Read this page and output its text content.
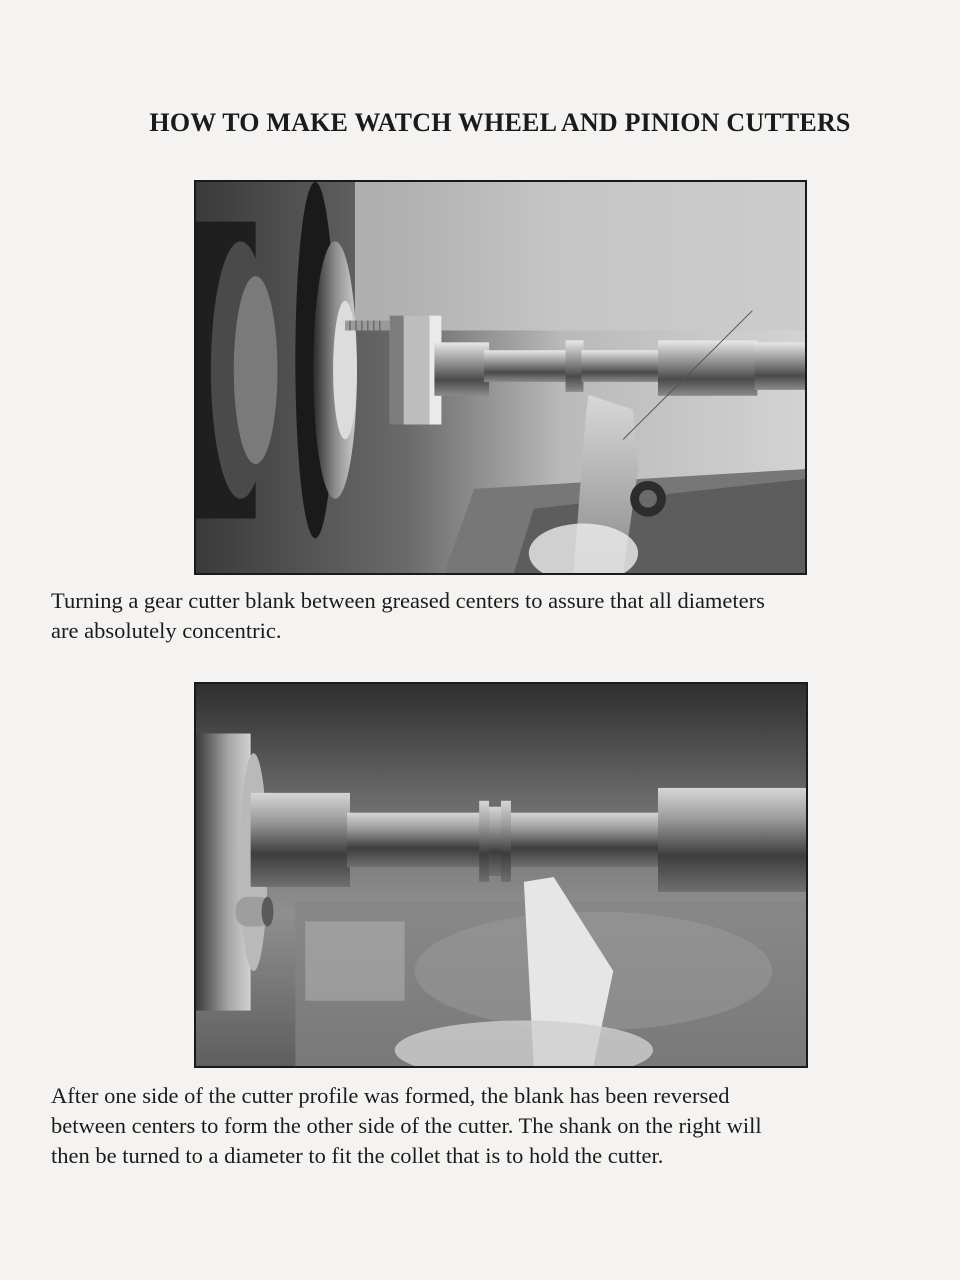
HOW TO MAKE WATCH WHEEL AND PINION CUTTERS
Turning a gear cutter blank between greased centers to assure that all diameters
are absolutely concentric.
After one side of the cutter profile was formed, the blank has been reversed
between centers to form the other side of the cutter. The shank on the right will
then be turned to a diameter to fit the collet that is to hold the cutter.
